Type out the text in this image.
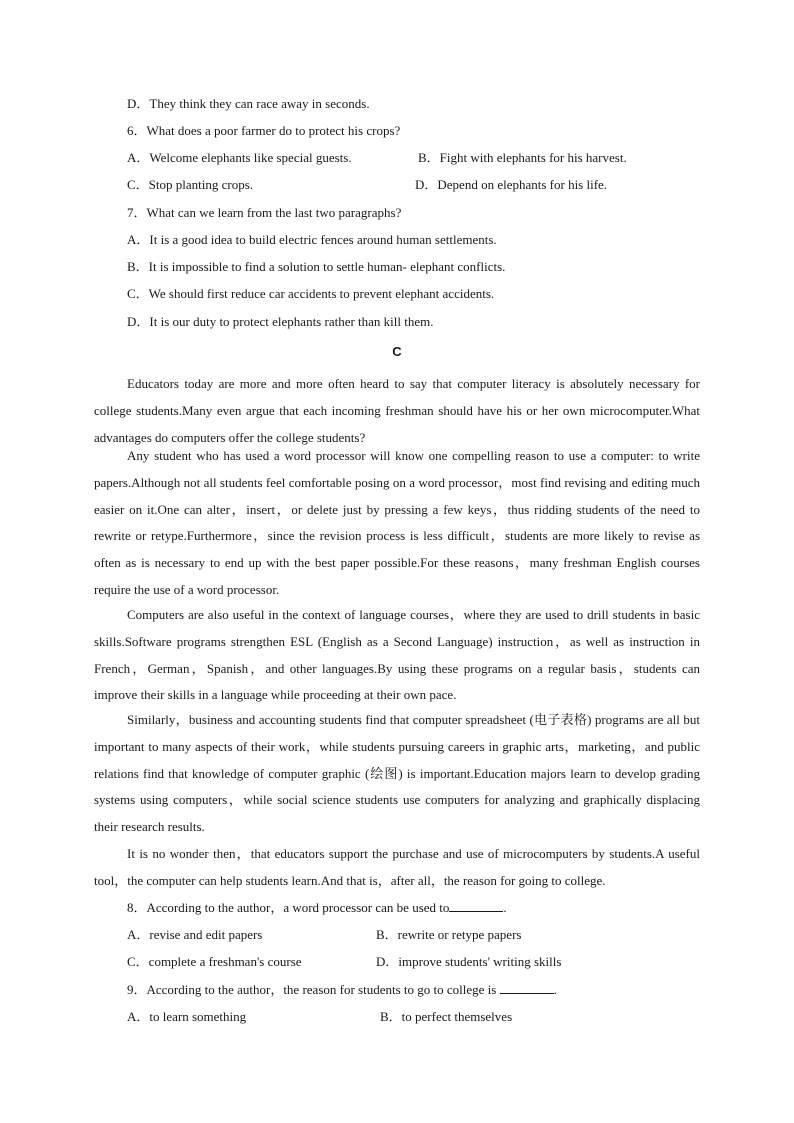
D．They think they can race away in seconds.
6．What does a poor farmer do to protect his crops?
A．Welcome elephants like special guests.	B．Fight with elephants for his harvest.
C．Stop planting crops.	D．Depend on elephants for his life.
7．What can we learn from the last two paragraphs?
A．It is a good idea to build electric fences around human settlements.
B．It is impossible to find a solution to settle human- elephant conflicts.
C．We should first reduce car accidents to prevent elephant accidents.
D．It is our duty to protect elephants rather than kill them.
C

Educators today are more and more often heard to say that computer literacy is absolutely necessary for college students.Many even argue that each incoming freshman should have his or her own microcomputer.What advantages do computers offer the college students?

Any student who has used a word processor will know one compelling reason to use a computer: to write papers.Although not all students feel comfortable posing on a word processor，most find revising and editing much easier on it.One can alter，insert，or delete just by pressing a few keys，thus ridding students of the need to rewrite or retype.Furthermore，since the revision process is less difficult，students are more likely to revise as often as is necessary to end up with the best paper possible.For these reasons，many freshman English courses require the use of a word processor.

Computers are also useful in the context of language courses，where they are used to drill students in basic skills.Software programs strengthen ESL (English as a Second Language) instruction，as well as instruction in French，German，Spanish，and other languages.By using these programs on a regular basis，students can improve their skills in a language while proceeding at their own pace.

Similarly，business and accounting students find that computer spreadsheet (电子表格) programs are all but important to many aspects of their work，while students pursuing careers in graphic arts，marketing，and public relations find that knowledge of computer graphic (绘图) is important.Education majors learn to develop grading systems using computers，while social science students use computers for analyzing and graphically displacing their research results.

It is no wonder then，that educators support the purchase and use of microcomputers by students.A useful tool，the computer can help students learn.And that is，after all，the reason for going to college.

8．According to the author，a word processor can be used to	.
A．revise and edit papers	B．rewrite or retype papers
C．complete a freshman's course	D．improve students' writing skills
9．According to the author，the reason for students to go to college is	.
A．to learn something	B．to perfect themselves
